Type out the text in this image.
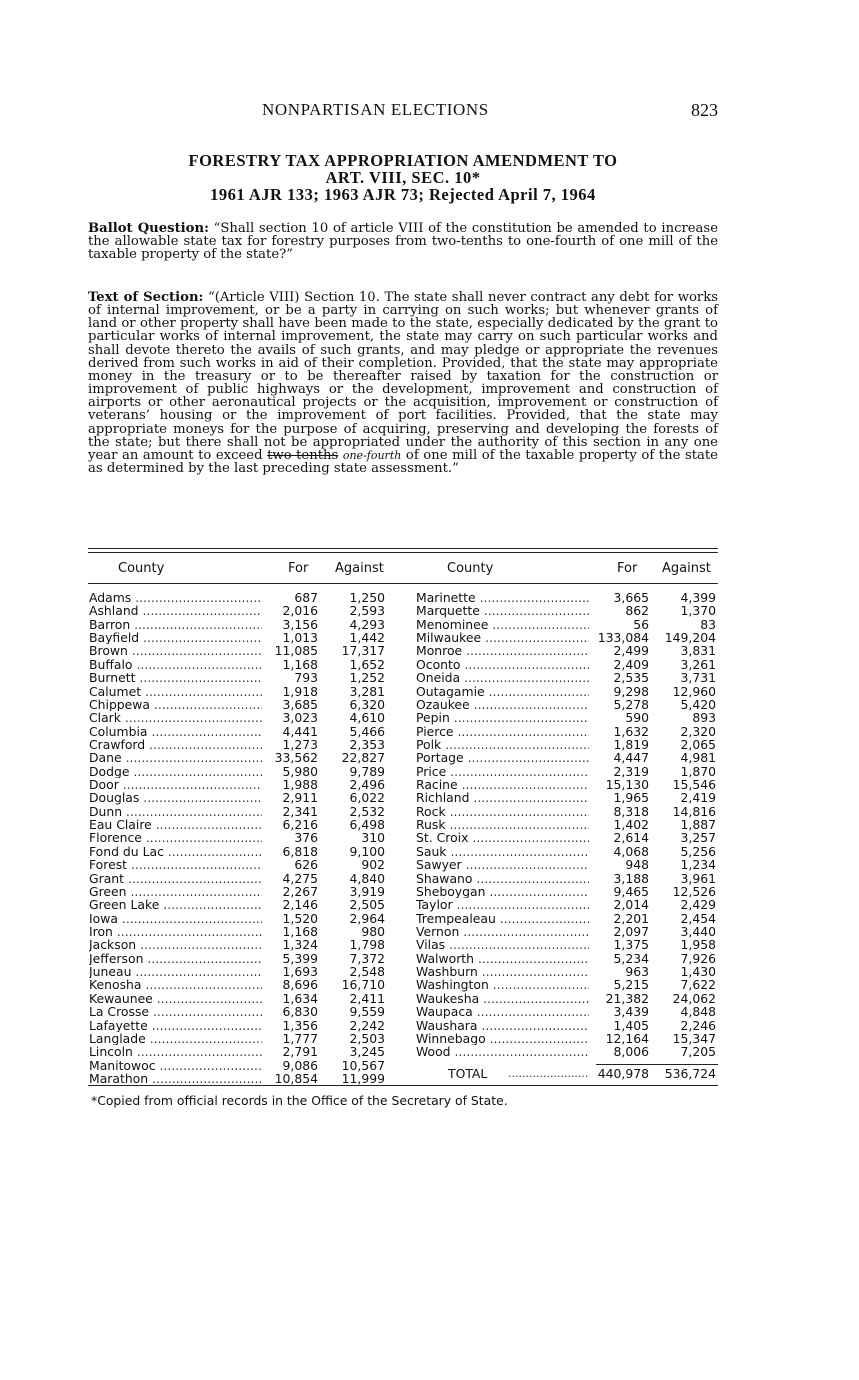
NONPARTISAN ELECTIONS	823
FORESTRY TAX APPROPRIATION AMENDMENT TO
ART. VIII, SEC. 10*
1961 AJR 133; 1963 AJR 73; Rejected April 7, 1964
Ballot Question: “Shall section 10 of article VIII of the constitution be amended to increase the allowable state tax for forestry purposes from two-tenths to one-fourth of one mill of the taxable property of the state?”
Text of Section: “(Article VIII) Section 10. The state shall never contract any debt for works of internal improvement, or be a party in carrying on such works; but whenever grants of land or other property shall have been made to the state, especially dedicated by the grant to particular works of internal improvement, the state may carry on such particular works and shall devote thereto the avails of such grants, and may pledge or appropriate the revenues derived from such works in aid of their completion. Provided, that the state may appropriate money in the treasury or to be thereafter raised by taxation for the construction or improvement of public highways or the development, improvement and construction of airports or other aeronautical projects or the acquisition, improvement or construction of veterans’ housing or the improvement of port facilities. Provided, that the state may appropriate moneys for the purpose of acquiring, preserving and developing the forests of the state; but there shall not be appropriated under the authority of this section in any one year an amount to exceed two-tenths one-fourth of one mill of the taxable property of the state as determined by the last preceding state assessment.”
County	For Against	County	For Against
Adams .....	687	1,250
Ashland .....	2,016	2,593
Barron .....	3,156	4,293
Bayfield .....	1,013	1,442
Brown .....	11,085 17,317
Buffalo .....	1,168	1,652
Burnett .....	793	1,252
Calumet .....	1,918	3,281
Chippewa .....	3,685	6,320
Clark .....	3,023	4,610
Columbia .....	4,441	5,466
Crawford .....	1,273	2,353
Dane .....	33,562 22,827
Dodge .....	5,980	9,789
Door .....	1,988	2,496
Douglas .....	2,911	6,022
Dunn .....	2,341	2,532
Eau Claire .....	6,216	6,498
Florence .....	376	310
Fond du Lac .....	6,818	9,100
Forest .....	626	902
Grant .....	4,275	4,840
Green .....	2,267	3,919
Green Lake .....	2,146	2,505
Iowa .....	1,520	2,964
Iron .....	1,168	980
Jackson .....	1,324	1,798
Jefferson .....	5,399	7,372
Juneau .....	1,693	2,548
Kenosha .....	8,696 16,710
Kewaunee .....	1,634	2,411
La Crosse .....	6,830	9,559
Lafayette .....	1,356	2,242
Langlade .....	1,777	2,503
Lincoln .....	2,791	3,245
Manitowoc .....	9,086 10,567
Marathon .....	10,854 11,999
Marinette .....	3,665	4,399
Marquette .....	862	1,370
Menominee .....	56	83
Milwaukee .....	133,084 149,204
Monroe .....	2,499	3,831
Oconto .....	2,409	3,261
Oneida .....	2,535	3,731
Outagamie .....	9,298 12,960
Ozaukee .....	5,278	5,420
Pepin .....	590	893
Pierce .....	1,632	2,320
Polk .....	1,819	2,065
Portage .....	4,447	4,981
Price .....	2,319	1,870
Racine .....	15,130 15,546
Richland .....	1,965	2,419
Rock .....	8,318 14,816
Rusk .....	1,402	1,887
St. Croix .....	2,614	3,257
Sauk .....	4,068	5,256
Sawyer .....	948	1,234
Shawano .....	3,188	3,961
Sheboygan .....	9,465 12,526
Taylor .....	2,014	2,429
Trempealeau .....	2,201	2,454
Vernon .....	2,097	3,440
Vilas .....	1,375	1,958
Walworth .....	5,234	7,926
Washburn .....	963	1,430
Washington .....	5,215	7,622
Waukesha .....	21,382 24,062
Waupaca .....	3,439	4,848
Waushara .....	1,405	2,246
Winnebago .....	12,164 15,347
Wood .....	8,006	7,205
TOTAL ....................... 440,978 536,724
*Copied from official records in the Office of the Secretary of State.
